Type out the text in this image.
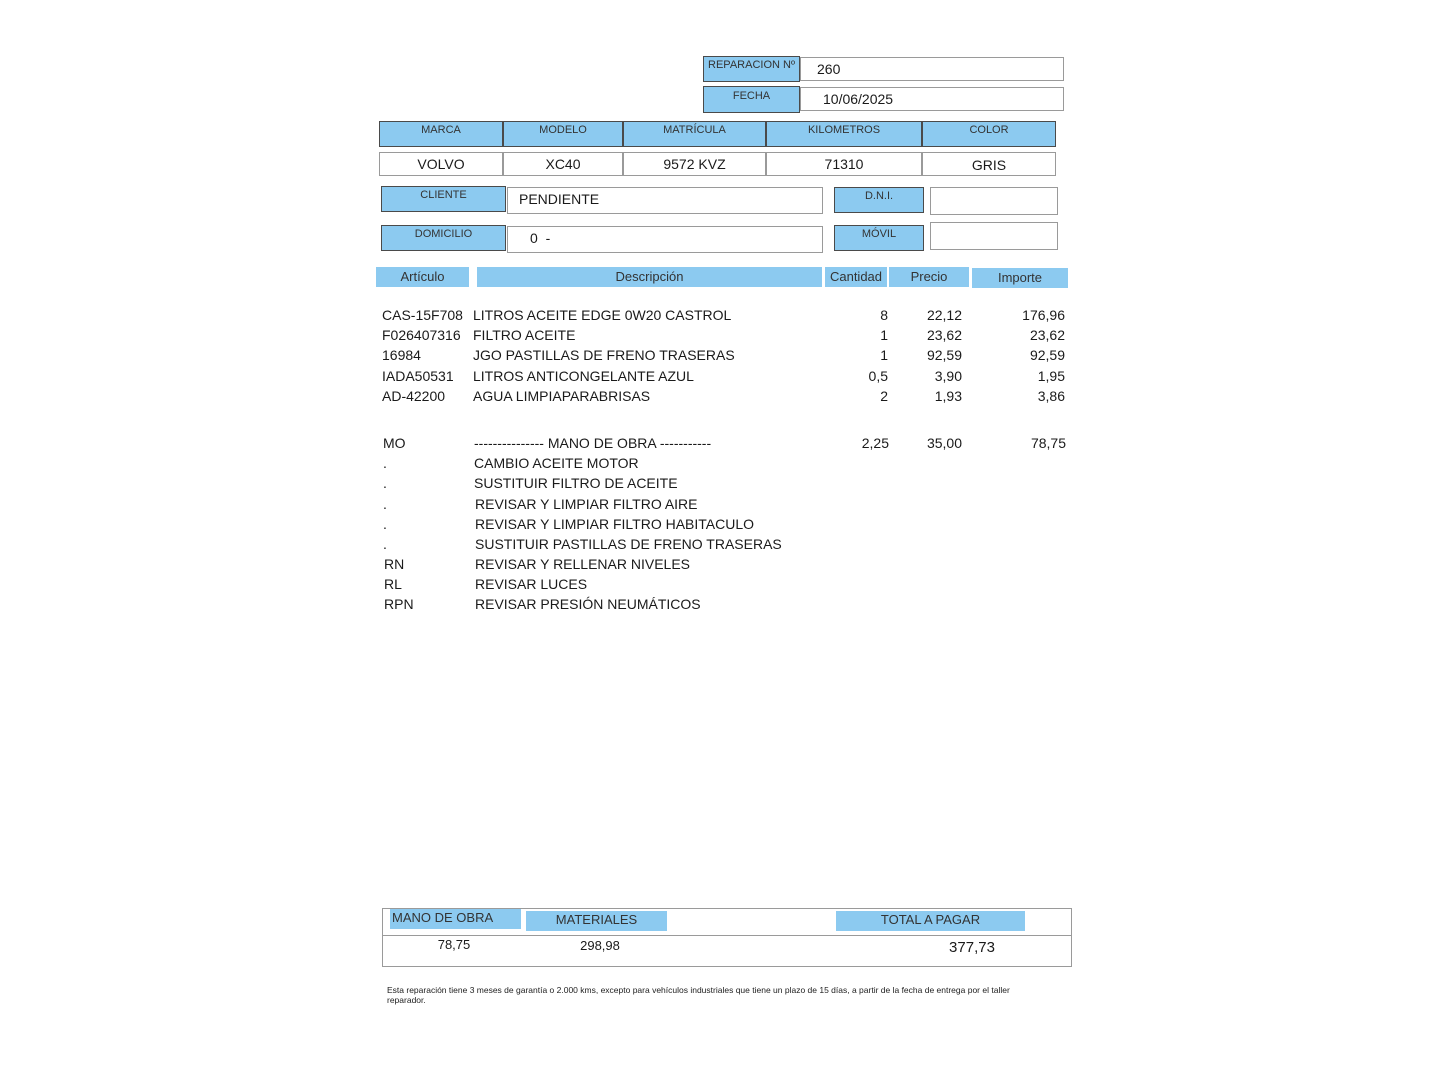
REPARACION Nº	260
FECHA	10/06/2025
MARCA	MODELO	MATRÍCULA	KILOMETROS	COLOR
VOLVO	XC40	9572 KVZ	71310	GRIS
CLIENTE	PENDIENTE	D.N.I.
DOMICILIO	0  -	MÓVIL
Artículo	Descripción	Cantidad	Precio	Importe
CAS-15F708 LITROS ACEITE EDGE 0W20 CASTROL	8	22,12	176,96
F026407316 FILTRO ACEITE	1	23,62	23,62
16984	JGO PASTILLAS DE FRENO TRASERAS	1	92,59	92,59
IADA50531 LITROS ANTICONGELANTE AZUL	0,5	3,90	1,95
AD-42200 AGUA LIMPIAPARABRISAS	2	1,93	3,86
MO	--------------- MANO DE OBRA -----------	2,25	35,00	78,75
.	CAMBIO ACEITE MOTOR
.	SUSTITUIR FILTRO DE ACEITE
.	REVISAR Y LIMPIAR FILTRO AIRE
.	REVISAR Y LIMPIAR FILTRO HABITACULO
.	SUSTITUIR PASTILLAS DE FRENO TRASERAS
RN	REVISAR Y RELLENAR NIVELES
RL	REVISAR LUCES
RPN	REVISAR PRESIÓN NEUMÁTICOS
MANO DE OBRA	MATERIALES	TOTAL A PAGAR
78,75	298,98	377,73
Esta reparación tiene 3 meses de garantía o 2.000 kms, excepto para vehículos industriales que tiene un plazo de 15 días, a partir de la fecha de entrega por el taller reparador.
